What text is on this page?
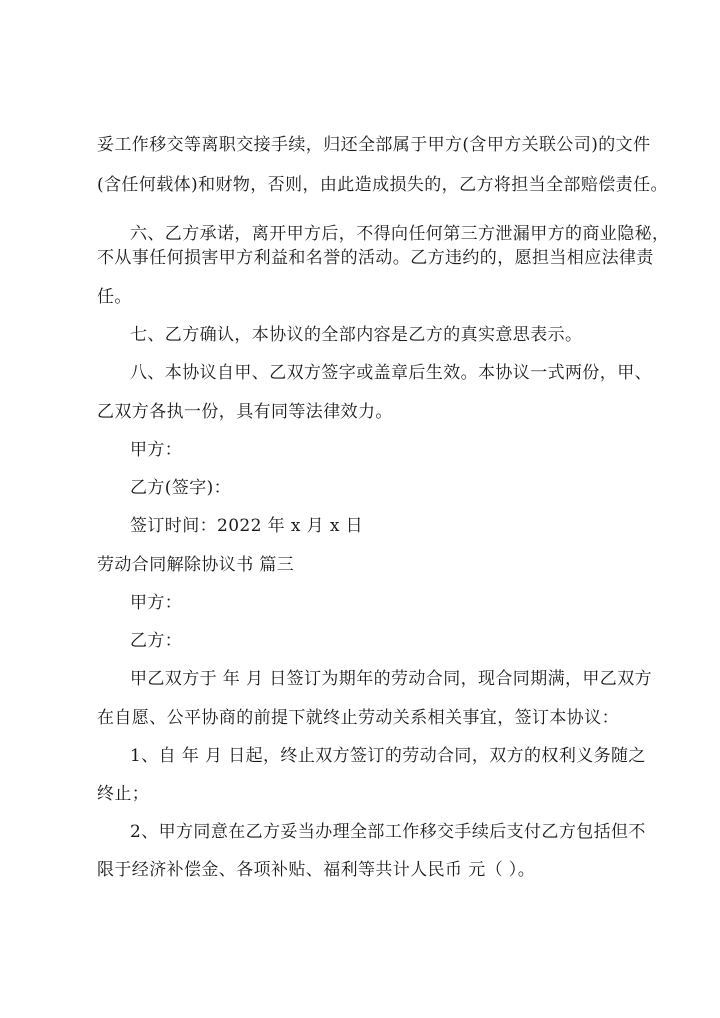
妥工作移交等离职交接手续，归还全部属于甲方(含甲方关联公司)的文件
(含任何载体)和财物，否则，由此造成损失的，乙方将担当全部赔偿责任。
六、乙方承诺，离开甲方后，不得向任何第三方泄漏甲方的商业隐秘，
不从事任何损害甲方利益和名誉的活动。乙方违约的，愿担当相应法律责
任。
七、乙方确认，本协议的全部内容是乙方的真实意思表示。
八、本协议自甲、乙双方签字或盖章后生效。本协议一式两份，甲、
乙双方各执一份，具有同等法律效力。
甲方：
乙方(签字)：
签订时间：2022 年 x 月 x 日
劳动合同解除协议书 篇三
甲方：
乙方：
甲乙双方于 年 月 日签订为期年的劳动合同，现合同期满，甲乙双方
在自愿、公平协商的前提下就终止劳动关系相关事宜，签订本协议：
1、自 年 月 日起，终止双方签订的劳动合同，双方的权利义务随之
终止；
2、甲方同意在乙方妥当办理全部工作移交手续后支付乙方包括但不
限于经济补偿金、各项补贴、福利等共计人民币 元（ ）。
